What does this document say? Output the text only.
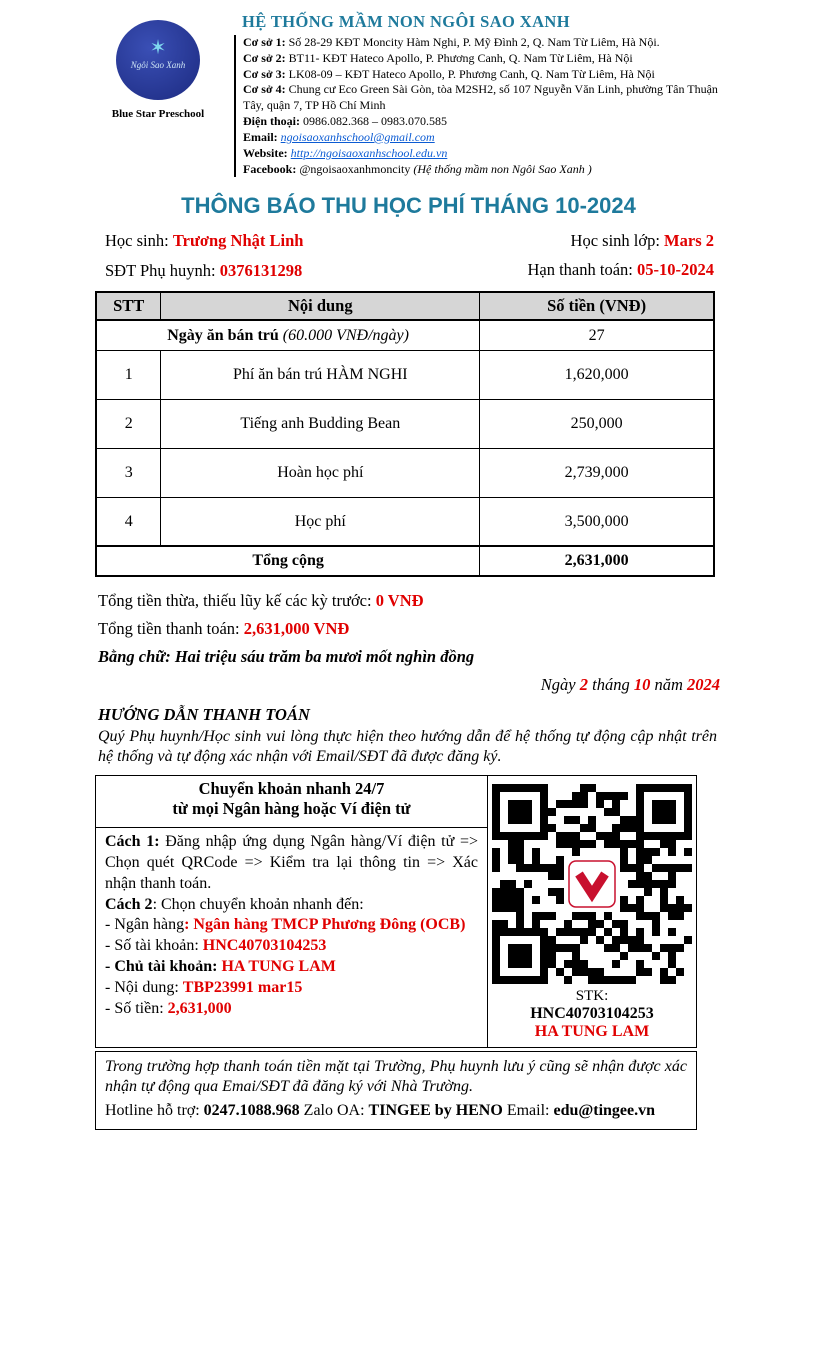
✶
Ngôi Sao Xanh
Blue Star Preschool
HỆ THỐNG MẦM NON NGÔI SAO XANH
Cơ sở 1: Số 28-29 KĐT Moncity Hàm Nghi, P. Mỹ Đình 2, Q. Nam Từ Liêm, Hà Nội.
Cơ sở 2: BT11- KĐT Hateco Apollo, P. Phương Canh, Q. Nam Từ Liêm, Hà Nội
Cơ sở 3: LK08-09 – KĐT Hateco Apollo, P. Phương Canh, Q. Nam Từ Liêm, Hà Nội
Cơ sở 4: Chung cư Eco Green Sài Gòn, tòa M2SH2, số 107 Nguyễn Văn Linh, phường Tân Thuận Tây, quận 7, TP Hồ Chí Minh
Điện thoại: 0986.082.368 – 0983.070.585
Email: ngoisaoxanhschool@gmail.com
Website: http://ngoisaoxanhschool.edu.vn
Facebook: @ngoisaoxanhmoncity (Hệ thống mầm non Ngôi Sao Xanh )
THÔNG BÁO THU HỌC PHÍ THÁNG 10-2024
Học sinh: Trương Nhật Linh	Học sinh lớp: Mars 2
SĐT Phụ huynh: 0376131298	Hạn thanh toán: 05-10-2024
STT	Nội dung	Số tiền (VNĐ)
Ngày ăn bán trú (60.000 VNĐ/ngày)		27
1	Phí ăn bán trú HÀM NGHI	1,620,000
2	Tiếng anh Budding Bean	250,000
3	Hoàn học phí	2,739,000
4	Học phí	3,500,000
Tổng cộng		2,631,000
Tổng tiền thừa, thiếu lũy kế các kỳ trước: 0 VNĐ
Tổng tiền thanh toán: 2,631,000 VNĐ
Bằng chữ: Hai triệu sáu trăm ba mươi mốt nghìn đồng
Ngày 2 tháng 10 năm 2024
HƯỚNG DẪN THANH TOÁN
Quý Phụ huynh/Học sinh vui lòng thực hiện theo hướng dẫn để hệ thống tự động cập nhật trên hệ thống và tự động xác nhận với Email/SĐT đã được đăng ký.
Chuyển khoản nhanh 24/7
từ mọi Ngân hàng hoặc Ví điện tử

STK:
HNC40703104253
HA TUNG LAM

Cách 1: Đăng nhập ứng dụng Ngân hàng/Ví điện tử => Chọn quét QRCode => Kiểm tra lại thông tin => Xác nhận thanh toán.
Cách 2: Chọn chuyển khoản nhanh đến:
- Ngân hàng: Ngân hàng TMCP Phương Đông (OCB)
- Số tài khoản: HNC40703104253
- Chủ tài khoản: HA TUNG LAM
- Nội dung: TBP23991 mar15
- Số tiền: 2,631,000
Trong trường hợp thanh toán tiền mặt tại Trường, Phụ huynh lưu ý cũng sẽ nhận được xác nhận tự động qua Emai/SĐT đã đăng ký với Nhà Trường.
Hotline hỗ trợ: 0247.1088.968 Zalo OA: TINGEE by HENO Email: edu@tingee.vn
